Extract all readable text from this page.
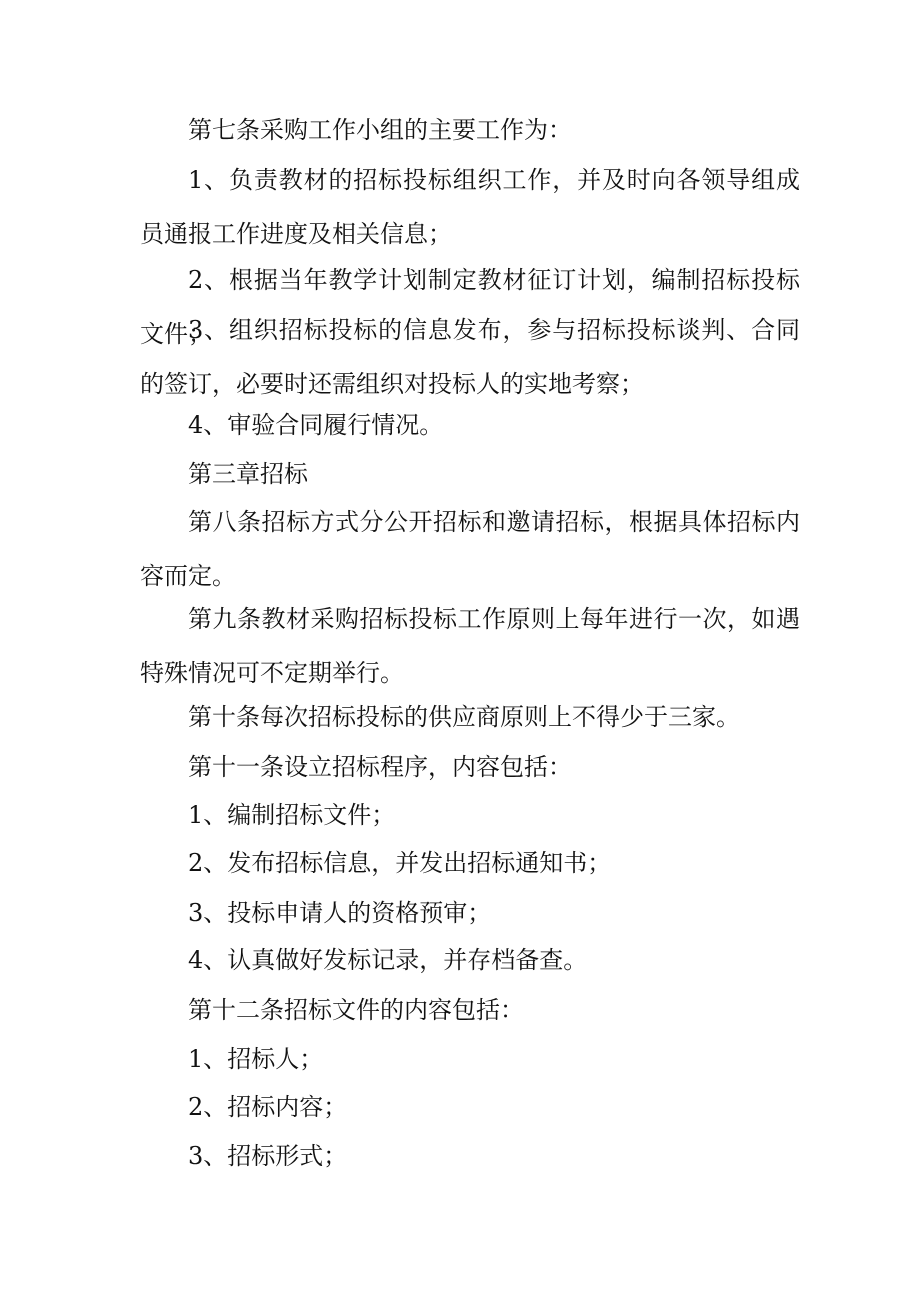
第七条采购工作小组的主要工作为：

1、负责教材的招标投标组织工作，并及时向各领导组成员通报工作进度及相关信息；

2、根据当年教学计划制定教材征订计划，编制招标投标文件；

3、组织招标投标的信息发布，参与招标投标谈判、合同的签订，必要时还需组织对投标人的实地考察；

4、审验合同履行情况。

第三章招标

第八条招标方式分公开招标和邀请招标，根据具体招标内容而定。

第九条教材采购招标投标工作原则上每年进行一次，如遇特殊情况可不定期举行。

第十条每次招标投标的供应商原则上不得少于三家。

第十一条设立招标程序，内容包括：

1、编制招标文件；

2、发布招标信息，并发出招标通知书；

3、投标申请人的资格预审；

4、认真做好发标记录，并存档备查。

第十二条招标文件的内容包括：

1、招标人；

2、招标内容；

3、招标形式；
